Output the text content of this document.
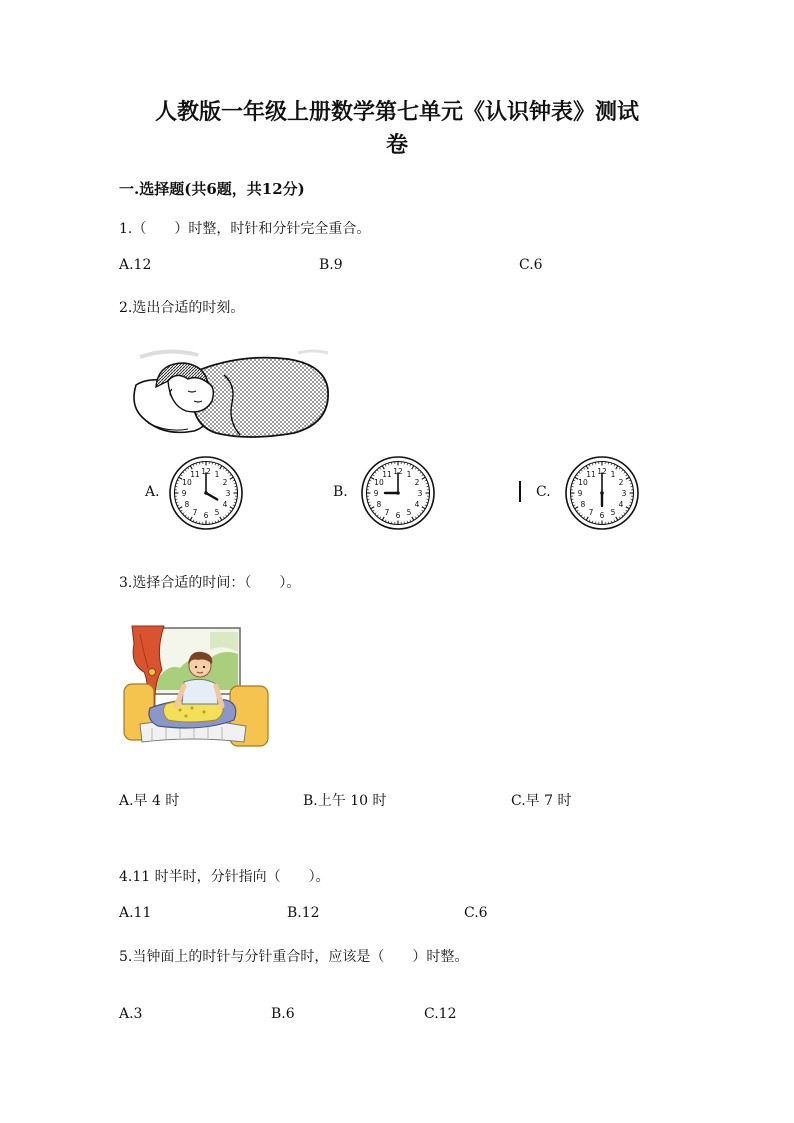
人教版一年级上册数学第七单元《认识钟表》测试
卷
一.选择题(共6题，共12分)
1.（　　）时整，时针和分针完全重合。
A.12	B.9	C.6
2.选出合适的时刻。
A.	B.	C.
12 1
2
3
4
5
6
7
8
9
10
11	12 1
2
3
4
5
6
7
8
9
10
11	12 1
2
3
4
5
6
7
8
9
10
11
3.选择合适的时间：（　　）。
A.早 4 时	B.上午 10 时	C.早 7 时
4.11 时半时，分针指向（　　）。
A.11	B.12	C.6
5.当钟面上的时针与分针重合时，应该是（　　）时整。
A.3	B.6	C.12
